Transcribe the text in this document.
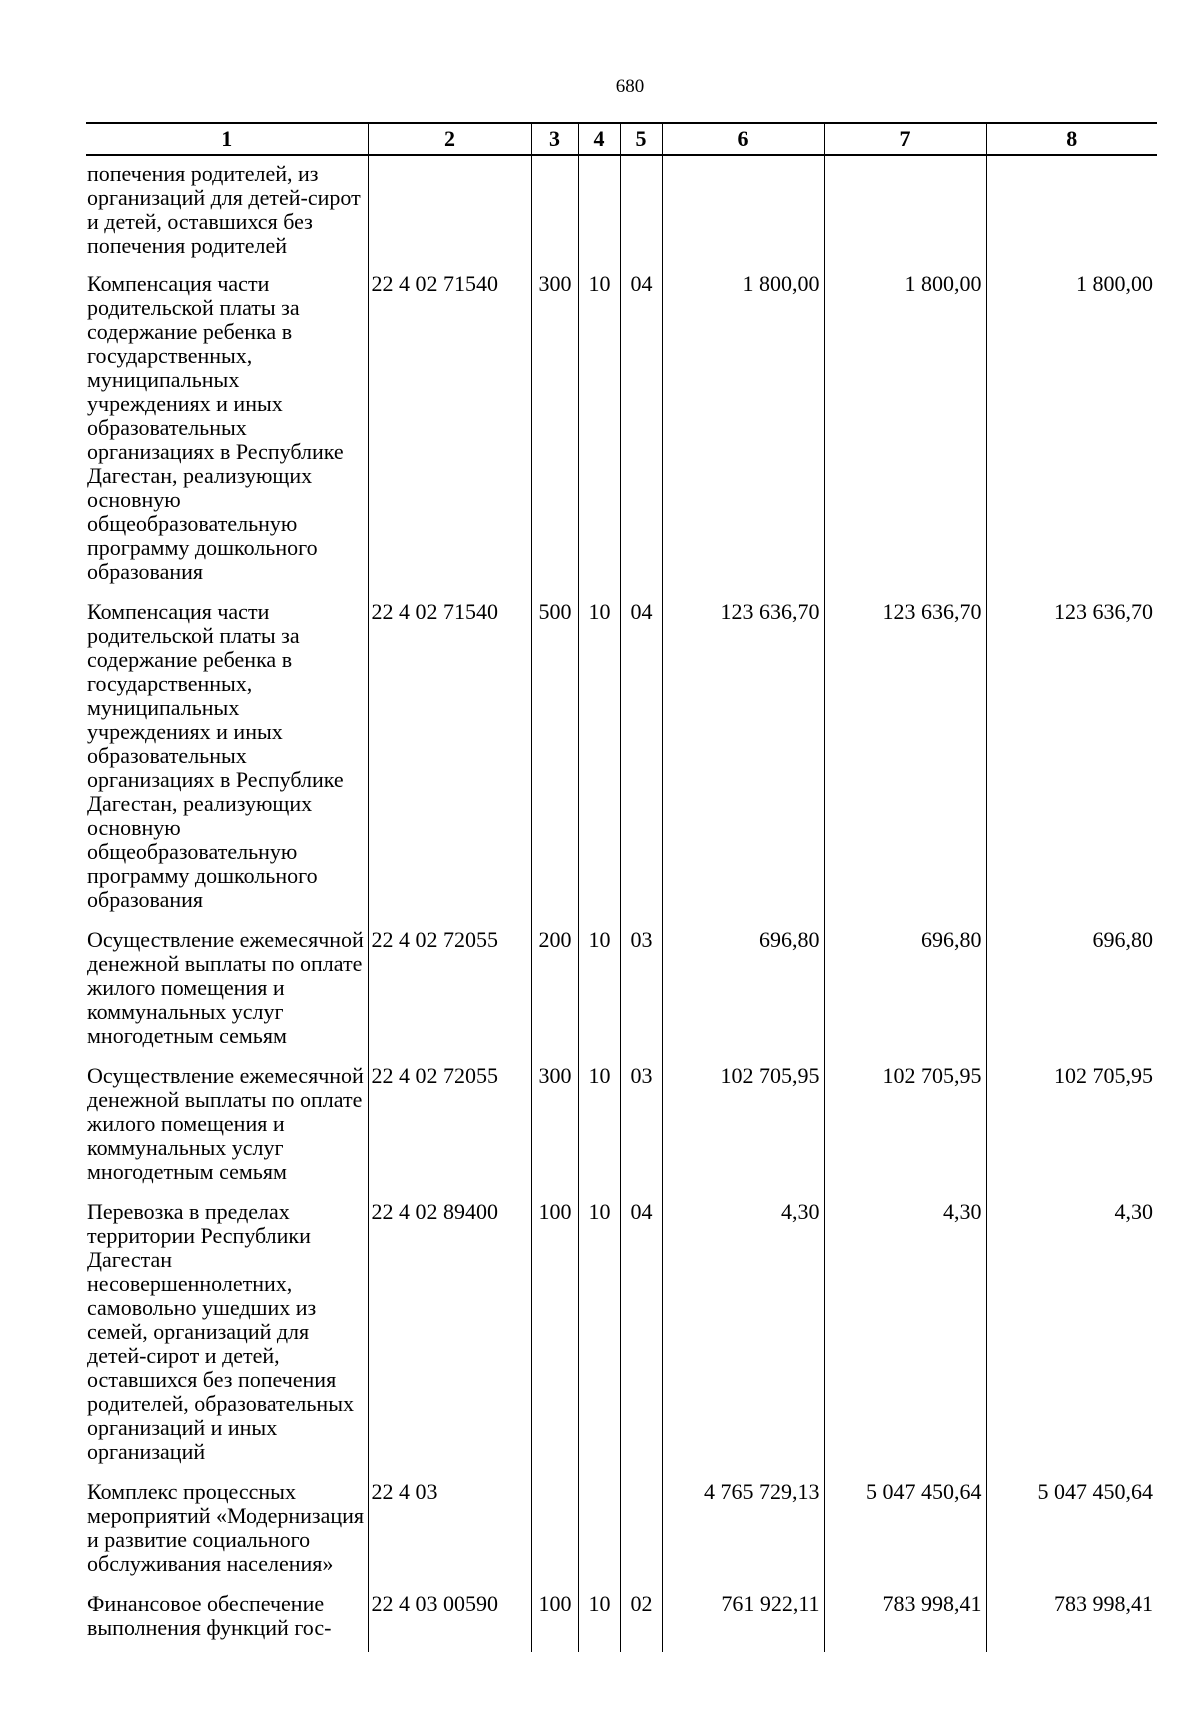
680
1	2	3	4	5	6	7	8

попечения родителей, из организаций для детей-сирот и детей, оставшихся без попечения родителей							

Компенсация части родительской платы за содержание ребенка в государственных, муниципальных учреждениях и иных образовательных организациях в Республике Дагестан, реализующих основную общеобразовательную программу дошкольного образования	22 4 02 71540	300	10	04	1 800,00	1 800,00	1 800,00
Компенсация части родительской платы за содержание ребенка в государственных, муниципальных учреждениях и иных образовательных организациях в Республике Дагестан, реализующих основную общеобразовательную программу дошкольного образования	22 4 02 71540	500	10	04	123 636,70	123 636,70	123 636,70
Осуществление ежемесячной денежной выплаты по оплате жилого помещения и коммунальных услуг многодетным семьям	22 4 02 72055	200	10	03	696,80	696,80	696,80
Осуществление ежемесячной денежной выплаты по оплате жилого помещения и коммунальных услуг многодетным семьям	22 4 02 72055	300	10	03	102 705,95	102 705,95	102 705,95
Перевозка в пределах территории Республики Дагестан несовершеннолетних, самовольно ушедших из семей, организаций для детей-сирот и детей, оставшихся без попечения родителей, образовательных организаций и иных организаций	22 4 02 89400	100	10	04	4,30	4,30	4,30
Комплекс процессных мероприятий «Модернизация и развитие социального обслуживания населения»	22 4 03				4 765 729,13	5 047 450,64	5 047 450,64
Финансовое обеспечение выполнения функций гос-	22 4 03 00590	100	10	02	761 922,11	783 998,41	783 998,41
